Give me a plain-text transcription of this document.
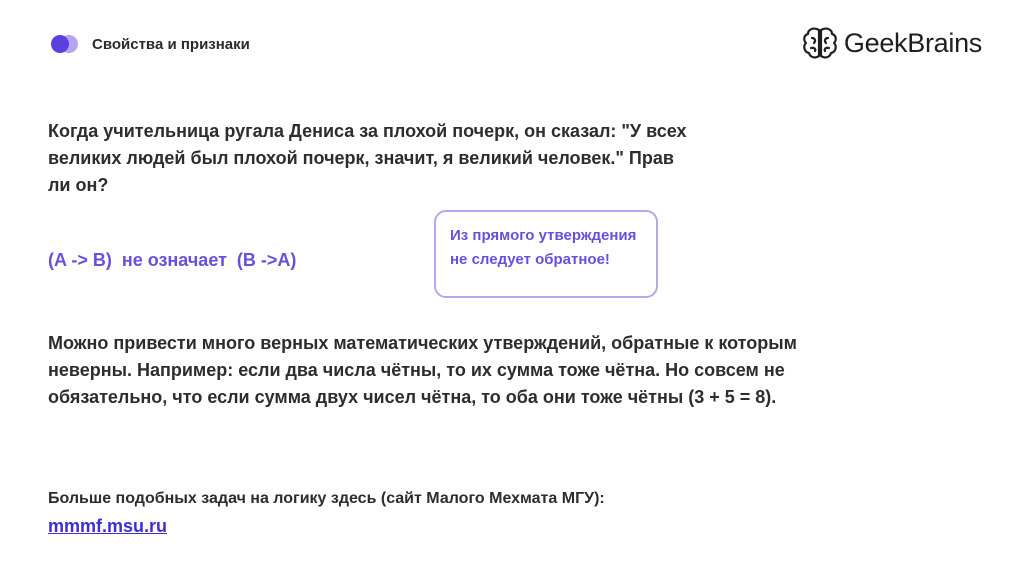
Свойства и признаки	GeekBrains

Когда учительница ругала Дениса за плохой почерк, он сказал: "У всех великих людей был плохой почерк, значит, я великий человек." Прав ли он?

(A -> B)  не означает  (B ->A)
Из прямого утверждения не следует обратное!

Можно привести много верных математических утверждений, обратные к которым неверны. Например: если два числа чётны, то их сумма тоже чётна. Но совсем не обязательно, что если сумма двух чисел чётна, то оба они тоже чётны (3 + 5 = 8).

Больше подобных задач на логику здесь (сайт Малого Мехмата МГУ):
mmmf.msu.ru
